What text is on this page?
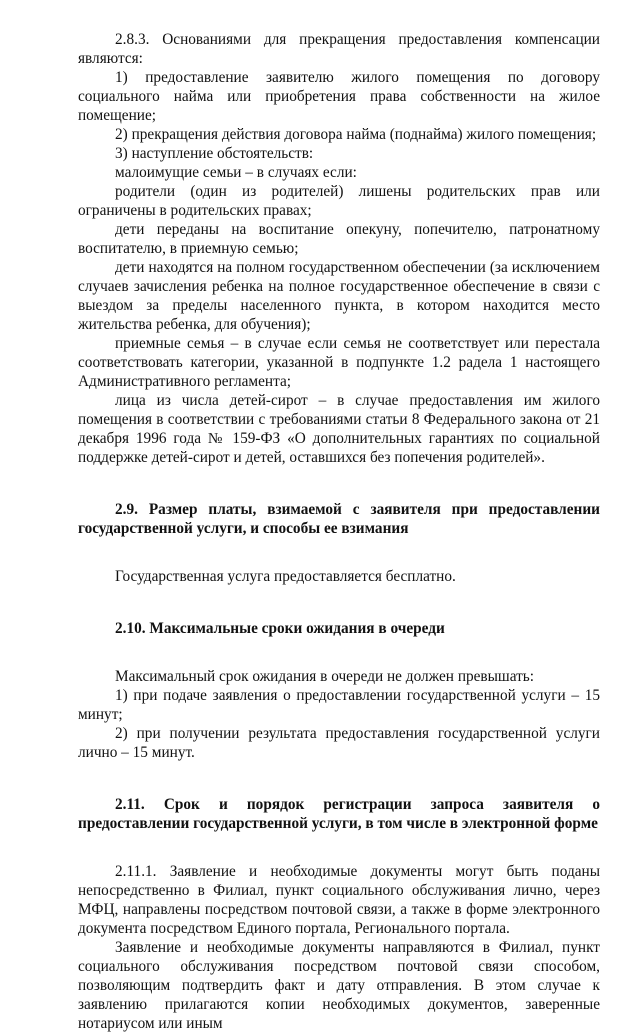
2.8.3. Основаниями для прекращения предоставления компенсации являются:

1) предоставление заявителю жилого помещения по договору социального найма или приобретения права собственности на жилое помещение;

2) прекращения действия договора найма (поднайма) жилого помещения;

3) наступление обстоятельств:

малоимущие семьи – в случаях если:

родители (один из родителей) лишены родительских прав или ограничены в родительских правах;

дети переданы на воспитание опекуну, попечителю, патронатному воспитателю, в приемную семью;

дети находятся на полном государственном обеспечении (за исключением случаев зачисления ребенка на полное государственное обеспечение в связи с выездом за пределы населенного пункта, в котором находится место жительства ребенка, для обучения);

приемные семья – в случае если семья не соответствует или перестала соответствовать категории, указанной в подпункте 1.2 радела 1 настоящего Административного регламента;

лица из числа детей-сирот – в случае предоставления им жилого помещения в соответствии с требованиями статьи 8 Федерального закона от 21 декабря 1996 года № 159-ФЗ «О дополнительных гарантиях по социальной поддержке детей-сирот и детей, оставшихся без попечения родителей».

2.9. Размер платы, взимаемой с заявителя при предоставлении государственной услуги, и способы ее взимания

Государственная услуга предоставляется бесплатно.

2.10. Максимальные сроки ожидания в очереди

Максимальный срок ожидания в очереди не должен превышать:

1) при подаче заявления о предоставлении государственной услуги – 15 минут;

2) при получении результата предоставления государственной услуги лично – 15 минут.

2.11. Срок и порядок регистрации запроса заявителя о предоставлении государственной услуги, в том числе в электронной форме

2.11.1. Заявление и необходимые документы могут быть поданы непосредственно в Филиал, пункт социального обслуживания лично, через МФЦ, направлены посредством почтовой связи, а также в форме электронного документа посредством Единого портала, Регионального портала.

Заявление и необходимые документы направляются в Филиал, пункт социального обслуживания посредством почтовой связи способом, позволяющим подтвердить факт и дату отправления. В этом случае к заявлению прилагаются копии необходимых документов, заверенные нотариусом или иным
